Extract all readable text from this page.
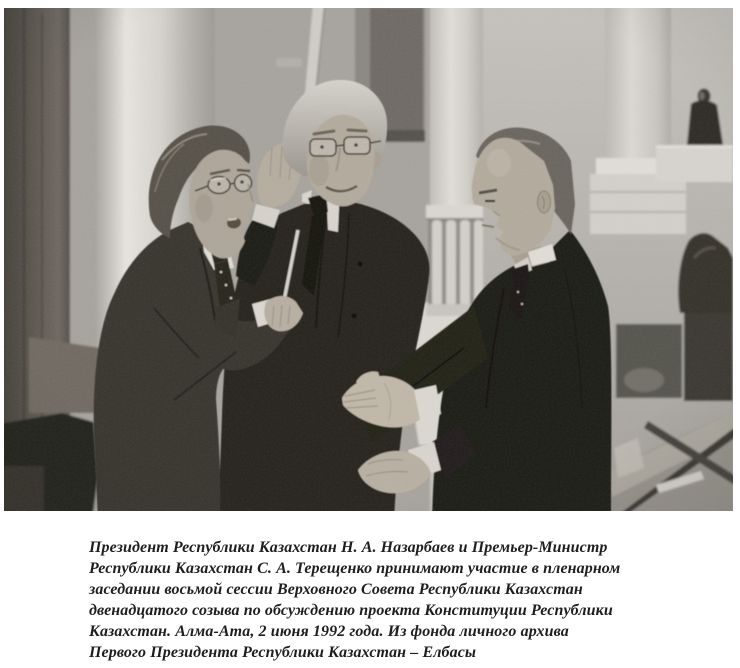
Президент Республики Казахстан Н. А. Назарбаев и Премьер-Министр
Республики Казахстан С. А. Терещенко принимают участие в пленарном
заседании восьмой сессии Верховного Совета Республики Казахстан
двенадцатого созыва по обсуждению проекта Конституции Республики
Казахстан. Алма-Ата, 2 июня 1992 года. Из фонда личного архива
Первого Президента Республики Казахстан – Елбасы
